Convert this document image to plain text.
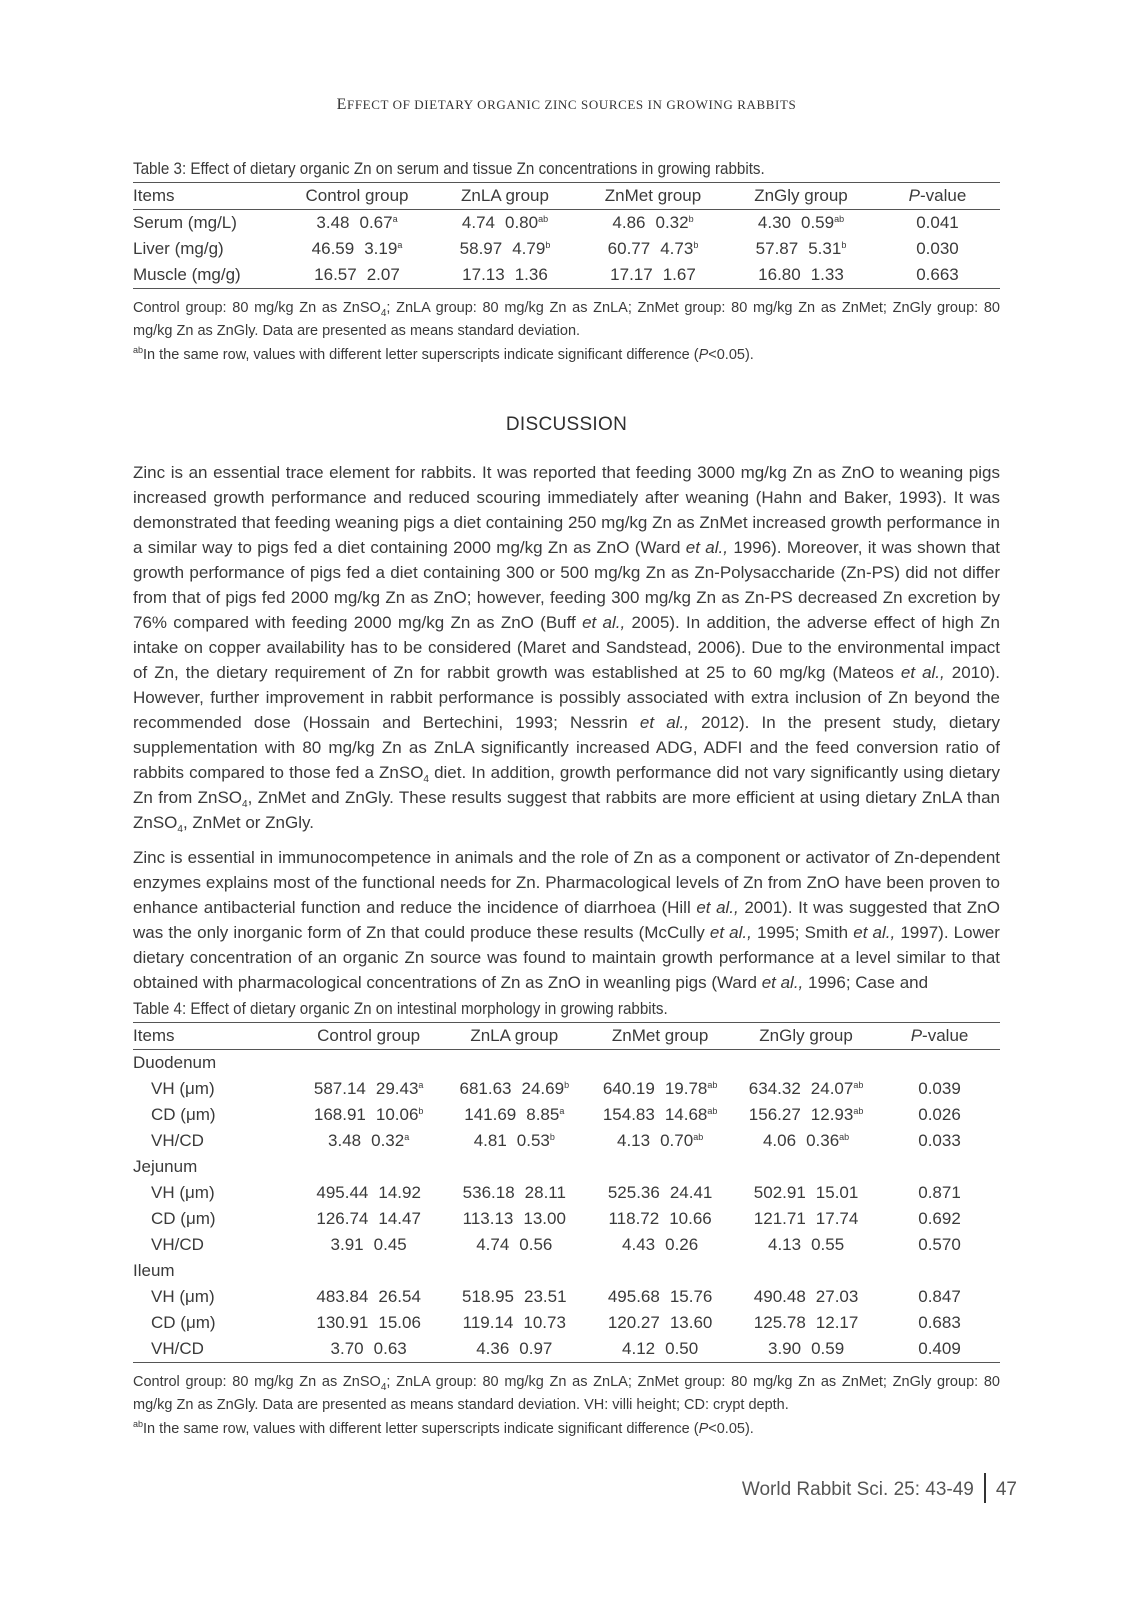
EFFECT OF DIETARY ORGANIC ZINC SOURCES IN GROWING RABBITS
Table 3: Effect of dietary organic Zn on serum and tissue Zn concentrations in growing rabbits.
Items	Control group	ZnLA group	ZnMet group	ZnGly group	P-value
Serum (mg/L)	3.48 0.67$^a$	4.74 0.80$^{ab}$	4.86 0.32$^b$	4.30 0.59$^{ab}$	0.041
Liver (mg/g)	46.59 3.19$^a$	58.97 4.79$^b$	60.77 4.73$^b$	57.87 5.31$^b$	0.030
Muscle (mg/g)	16.57 2.07	17.13 1.36	17.17 1.67	16.80 1.33	0.663

Control group: 80 mg/kg Zn as ZnSO$_4$; ZnLA group: 80 mg/kg Zn as ZnLA; ZnMet group: 80 mg/kg Zn as ZnMet; ZnGly group: 80 mg/kg Zn as ZnGly. Data are presented as means standard deviation.

$^{ab}$In the same row, values with different letter superscripts indicate significant difference (P<0.05).

DISCUSSION

Zinc is an essential trace element for rabbits. It was reported that feeding 3000 mg/kg Zn as ZnO to weaning pigs increased growth performance and reduced scouring immediately after weaning (Hahn and Baker, 1993). It was demonstrated that feeding weaning pigs a diet containing 250 mg/kg Zn as ZnMet increased growth performance in a similar way to pigs fed a diet containing 2000 mg/kg Zn as ZnO (Ward et al., 1996). Moreover, it was shown that growth performance of pigs fed a diet containing 300 or 500 mg/kg Zn as Zn-Polysaccharide (Zn-PS) did not differ from that of pigs fed 2000 mg/kg Zn as ZnO; however, feeding 300 mg/kg Zn as Zn-PS decreased Zn excretion by 76% compared with feeding 2000 mg/kg Zn as ZnO (Buff et al., 2005). In addition, the adverse effect of high Zn intake on copper availability has to be considered (Maret and Sandstead, 2006). Due to the environmental impact of Zn, the dietary requirement of Zn for rabbit growth was established at 25 to 60 mg/kg (Mateos et al., 2010). However, further improvement in rabbit performance is possibly associated with extra inclusion of Zn beyond the recommended dose (Hossain and Bertechini, 1993; Nessrin et al., 2012). In the present study, dietary supplementation with 80 mg/kg Zn as ZnLA significantly increased ADG, ADFI and the feed conversion ratio of rabbits compared to those fed a ZnSO$_4$ diet. In addition, growth performance did not vary significantly using dietary Zn from ZnSO$_4$, ZnMet and ZnGly. These results suggest that rabbits are more efficient at using dietary ZnLA than ZnSO$_4$, ZnMet or ZnGly.

Zinc is essential in immunocompetence in animals and the role of Zn as a component or activator of Zn-dependent enzymes explains most of the functional needs for Zn. Pharmacological levels of Zn from ZnO have been proven to enhance antibacterial function and reduce the incidence of diarrhoea (Hill et al., 2001). It was suggested that ZnO was the only inorganic form of Zn that could produce these results (McCully et al., 1995; Smith et al., 1997). Lower dietary concentration of an organic Zn source was found to maintain growth performance at a level similar to that obtained with pharmacological concentrations of Zn as ZnO in weanling pigs (Ward et al., 1996; Case and

Table 4: Effect of dietary organic Zn on intestinal morphology in growing rabbits.
Items	Control group	ZnLA group	ZnMet group	ZnGly group	P-value
Duodenum					
VH (μm)	587.14 29.43$^a$	681.63 24.69$^b$	640.19 19.78$^{ab}$	634.32 24.07$^{ab}$	0.039
CD (μm)	168.91 10.06$^b$	141.69 8.85$^a$	154.83 14.68$^{ab}$	156.27 12.93$^{ab}$	0.026
VH/CD	3.48 0.32$^a$	4.81 0.53$^b$	4.13 0.70$^{ab}$	4.06 0.36$^{ab}$	0.033
Jejunum					
VH (μm)	495.44 14.92	536.18 28.11	525.36 24.41	502.91 15.01	0.871
CD (μm)	126.74 14.47	113.13 13.00	118.72 10.66	121.71 17.74	0.692
VH/CD	3.91 0.45	4.74 0.56	4.43 0.26	4.13 0.55	0.570
Ileum					
VH (μm)	483.84 26.54	518.95 23.51	495.68 15.76	490.48 27.03	0.847
CD (μm)	130.91 15.06	119.14 10.73	120.27 13.60	125.78 12.17	0.683
VH/CD	3.70 0.63	4.36 0.97	4.12 0.50	3.90 0.59	0.409

Control group: 80 mg/kg Zn as ZnSO$_4$; ZnLA group: 80 mg/kg Zn as ZnLA; ZnMet group: 80 mg/kg Zn as ZnMet; ZnGly group: 80 mg/kg Zn as ZnGly. Data are presented as means standard deviation. VH: villi height; CD: crypt depth.

$^{ab}$In the same row, values with different letter superscripts indicate significant difference (P<0.05).

World Rabbit Sci. 25: 43-49 47
